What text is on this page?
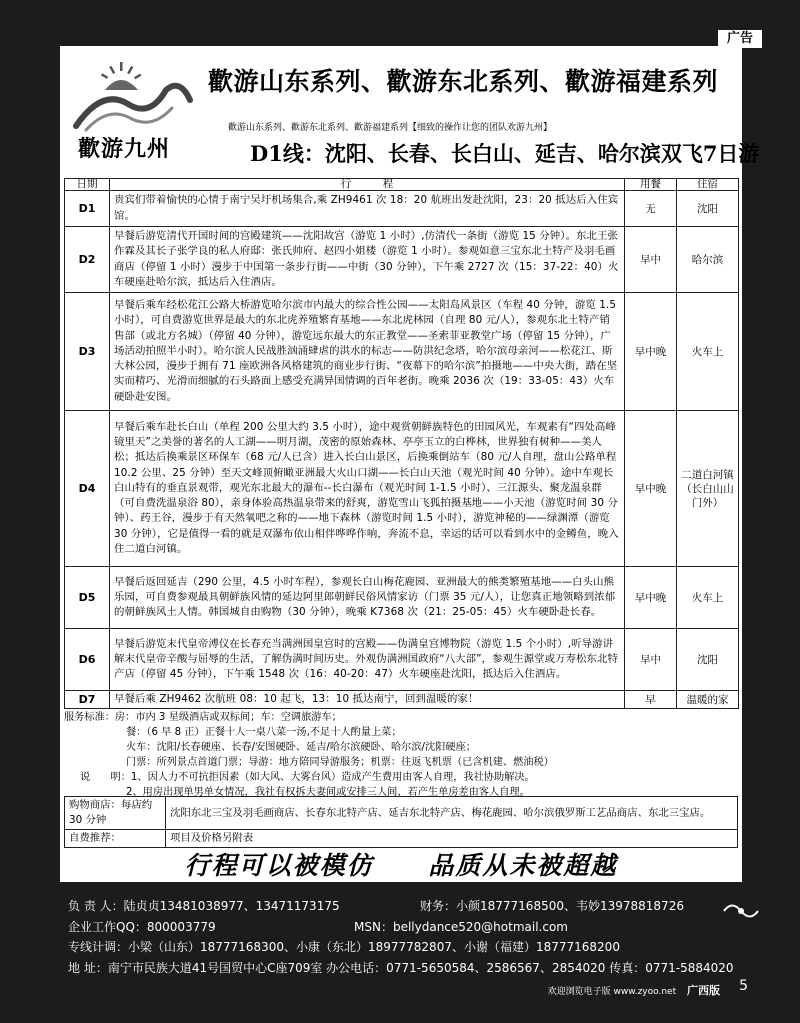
广告
歡游九州
歡游山东系列、歡游东北系列、歡游福建系列
歡游山东系列、歡游东北系列、歡游福建系列【细致的操作让您的团队欢游九州】
D1线：沈阳、长春、长白山、延吉、哈尔滨双飞7日游
日期	行　　　程	用餐	住宿
D1	贵宾们带着愉快的心情于南宁吴圩机场集合,乘 ZH9461 次 18：20 航班出发赴沈阳，23：20 抵达后入住宾馆。	无	沈阳
D2	早餐后游览清代开国时间的宫殿建筑——沈阳故宫（游览 1 小时）,仿清代一条街（游览 15 分钟）。东北王张作霖及其长子张学良的私人府邸：张氏帅府、赵四小姐楼（游览 1 小时）。参观如意三宝东北土特产及羽毛画商店（停留 1 小时）漫步于中国第一条步行街——中街（30 分钟），下午乘 2727 次（15：37-22：40）火车硬座赴哈尔滨，抵达后入住酒店。	早中	哈尔滨
D3	早餐后乘车经松花江公路大桥游览哈尔滨市内最大的综合性公园——太阳岛风景区（车程 40 分钟，游览 1.5 小时），可自费游览世界是最大的东北虎养殖繁育基地——东北虎林园（自理 80 元/人），参观东北土特产销售部（或北方名城）（停留 40 分钟），游览远东最大的东正教堂——圣索菲亚教堂广场（停留 15 分钟），广场活动拍照半小时）。哈尔滨人民战胜汹涌肆虐的洪水的标志——防洪纪念塔，哈尔滨母亲河——松花江、斯大林公园，漫步于拥有 71 座欧洲各风格建筑的商业步行街、“夜幕下的哈尔滨”拍摄地——中央大街，踏在坚实而精巧、光滑而细腻的石头路面上感受充满异国情调的百年老街。晚乘 2036 次（19：33-05：43）火车硬卧赴安图。	早中晚	火车上
D4	早餐后乘车赴长白山（单程 200 公里大约 3.5 小时），途中观赏朝鲜族特色的田园风光，车观素有“四处高峰镜里天”之美誉的著名的人工湖——明月湖，茂密的原始森林、亭亭玉立的白桦林，世界独有树种——美人松；抵达后换乘景区环保车（68 元/人已含）进入长白山景区，后换乘倒站车（80 元/人自理，盘山公路单程 10.2 公里、25 分钟）至天文峰顶俯瞰亚洲最大火山口湖——长白山天池（观光时间 40 分钟）。途中车观长白山特有的垂直景观带，观光东北最大的瀑布--长白瀑布（观光时间 1-1.5 小时）、三江源头、聚龙温泉群（可自费洗温泉浴 80），亲身体验高热温泉带来的舒爽，游览雪山飞狐拍摄基地——小天池（游览时间 30 分钟）、药王谷，漫步于有天然氧吧之称的——地下森林（游览时间 1.5 小时），游览神秘的——绿渊潭（游览 30 分钟），它是值得一看的就是双瀑布依山相伴哗哗作响，奔流不息，幸运的话可以看到水中的金鳟鱼，晚入住二道白河镇。	早中晚	二道白河镇（长白山山门外）
D5	早餐后返回延吉（290 公里，4.5 小时车程），参观长白山梅花鹿园、亚洲最大的熊类繁殖基地——白头山熊乐园，可自费参观最具朝鲜族风情的延边阿里郎朝鲜民俗风情家访（门票 35 元/人），让您真正地领略到浓郁的朝鲜族风土人情。韩国城自由购物（30 分钟），晚乘 K7368 次（21：25-05：45）火车硬卧赴长春。	早中晚	火车上
D6	早餐后游览末代皇帝溥仪在长春充当满洲国皇宫时的宫殿——伪满皇宫博物院（游览 1.5 个小时）,听导游讲解末代皇帝辛酸与屈辱的生活，了解伪满时间历史。外观伪满洲国政府“八大部”，参观生源堂或万寿松东北特产店（停留 45 分钟），下午乘 1548 次（16：40-20：47）火车硬座赴沈阳，抵达后入住酒店。	早中	沈阳
D7	早餐后乘 ZH9462 次航班 08：10 起飞，13：10 抵达南宁，回到温暖的家！	早	温暖的家
服务标准：房：市内 3 星级酒店或双标间；车：空调旅游车；
餐：（6 早 8 正）正餐十人一桌八菜一汤,不足十人酌量上菜；
火车：沈阳/长春硬座、长春/安图硬卧、延吉/哈尔滨硬卧、哈尔滨/沈阳硬座；
门票：所列景点首道门票；导游：地方陪同导游服务；机票：往返飞机票（已含机建、燃油税）
说　　明：1、因人力不可抗拒因素（如大风、大雾台风）造成产生费用由客人自理，我社协助解决。
2、用房出现单男单女情况，我社有权拆夫妻间或安排三人间，若产生单房差由客人自理。
购物商店：每店约 30 分钟	沈阳东北三宝及羽毛画商店、长春东北特产店、延吉东北特产店、梅花鹿园、哈尔滨俄罗斯工艺品商店、东北三宝店。
自费推荐：	项目及价格另附表
行程可以被模仿 品质从未被超越
负 责 人：陆贞贞13481038977、13471173175	财务：小颜18777168500、韦妙13978818726
企业工作QQ：800003779	MSN：bellydance520@hotmail.com
专线计调：小梁（山东）18777168300、小康（东北）18977782807、小谢（福建）18777168200
地 址：南宁市民族大道41号国贸中心C座709室 办公电话：0771-5650584、2586567、2854020 传真：0771-5884020
欢迎浏览电子版 www.zyoo.net 广西版 5
